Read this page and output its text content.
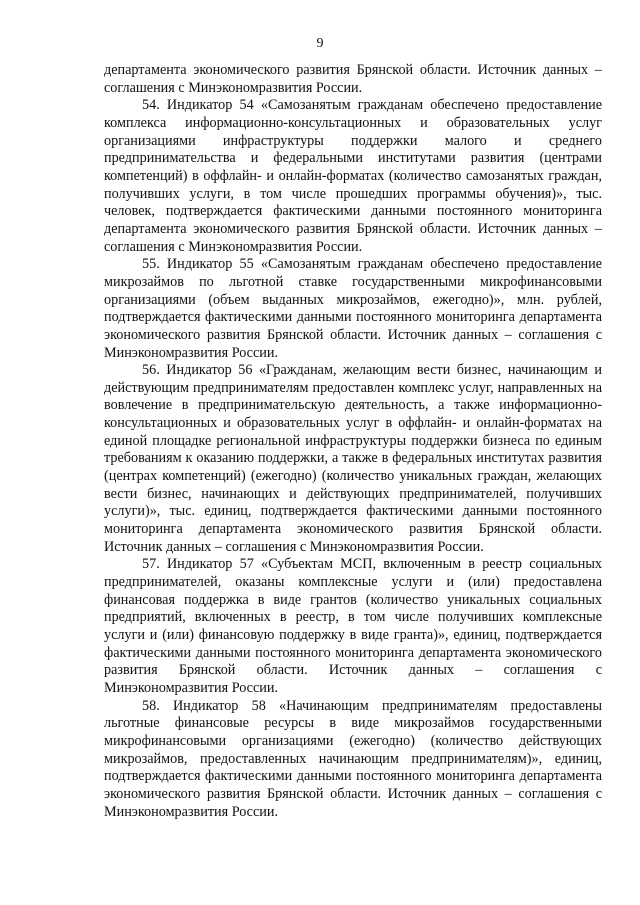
9

департамента экономического развития Брянской области. Источник данных – соглашения с Минэкономразвития России.

54. Индикатор 54 «Самозанятым гражданам обеспечено предоставление комплекса информационно-консультационных и образовательных услуг организациями инфраструктуры поддержки малого и среднего предпринимательства и федеральными институтами развития (центрами компетенций) в оффлайн- и онлайн-форматах (количество самозанятых граждан, получивших услуги, в том числе прошедших программы обучения)», тыс. человек, подтверждается фактическими данными постоянного мониторинга департамента экономического развития Брянской области. Источник данных – соглашения с Минэкономразвития России.

55. Индикатор 55 «Самозанятым гражданам обеспечено предоставление микрозаймов по льготной ставке государственными микрофинансовыми организациями (объем выданных микрозаймов, ежегодно)», млн. рублей, подтверждается фактическими данными постоянного мониторинга департамента экономического развития Брянской области. Источник данных – соглашения с Минэкономразвития России.

56. Индикатор 56 «Гражданам, желающим вести бизнес, начинающим и действующим предпринимателям предоставлен комплекс услуг, направленных на вовлечение в предпринимательскую деятельность, а также информационно-консультационных и образовательных услуг в оффлайн- и онлайн-форматах на единой площадке региональной инфраструктуры поддержки бизнеса по единым требованиям к оказанию поддержки, а также в федеральных институтах развития (центрах компетенций) (ежегодно) (количество уникальных граждан, желающих вести бизнес, начинающих и действующих предпринимателей, получивших услуги)», тыс. единиц, подтверждается фактическими данными постоянного мониторинга департамента экономического развития Брянской области. Источник данных – соглашения с Минэкономразвития России.

57. Индикатор 57 «Субъектам МСП, включенным в реестр социальных предпринимателей, оказаны комплексные услуги и (или) предоставлена финансовая поддержка в виде грантов (количество уникальных социальных предприятий, включенных в реестр, в том числе получивших комплексные услуги и (или) финансовую поддержку в виде гранта)», единиц, подтверждается фактическими данными постоянного мониторинга департамента экономического развития Брянской области. Источник данных – соглашения с Минэкономразвития России.

58. Индикатор 58 «Начинающим предпринимателям предоставлены льготные финансовые ресурсы в виде микрозаймов государственными микрофинансовыми организациями (ежегодно) (количество действующих микрозаймов, предоставленных начинающим предпринимателям)», единиц, подтверждается фактическими данными постоянного мониторинга департамента экономического развития Брянской области. Источник данных – соглашения с Минэкономразвития России.
